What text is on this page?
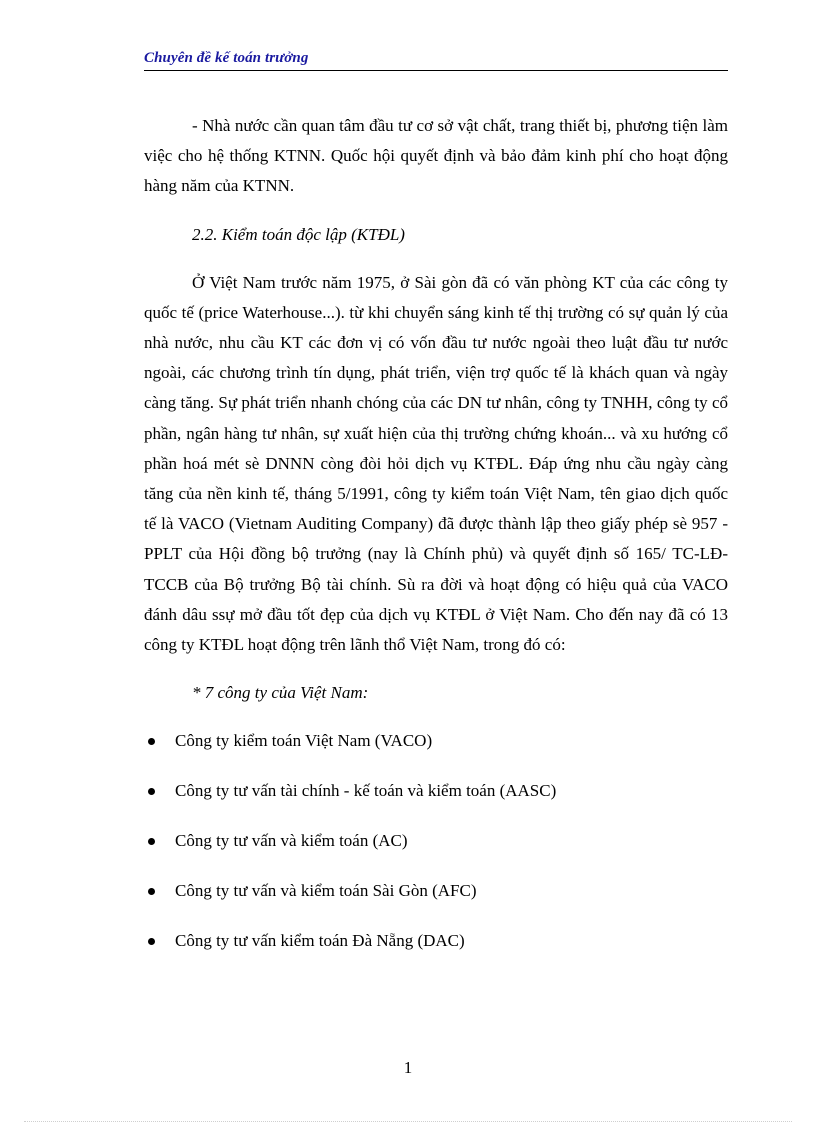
Chuyên đề kế toán trưởng

- Nhà nước cần quan tâm đầu tư cơ sở vật chất, trang thiết bị, phương tiện làm việc cho hệ thống KTNN. Quốc hội quyết định và bảo đảm kinh phí cho hoạt động hàng năm của KTNN.

2.2. Kiểm toán độc lập (KTĐL)

Ở Việt Nam trước năm 1975, ở Sài gòn đã có văn phòng KT của các công ty quốc tế (price Waterhouse...). từ khi chuyển sáng kinh tế thị trường có sự quản lý của nhà nước, nhu cầu KT các đơn vị có vốn đầu tư nước ngoài theo luật đầu tư nước ngoài, các chương trình tín dụng, phát triển, viện trợ quốc tế là khách quan và ngày càng tăng. Sự phát triển nhanh chóng của các DN tư nhân, công ty TNHH, công ty cổ phần, ngân hàng tư nhân, sự xuất hiện của thị trường chứng khoán... và xu hướng cổ phần hoá mét sè DNNN còng đòi hỏi dịch vụ KTĐL. Đáp ứng nhu cầu ngày càng tăng của nền kinh tế, tháng 5/1991, công ty kiểm toán Việt Nam, tên giao dịch quốc tế là VACO (Vietnam Auditing Company) đã được thành lập theo giấy phép sè 957 - PPLT của Hội đồng bộ trưởng (nay là Chính phủ) và quyết định số 165/ TC-LĐ-TCCB của Bộ trưởng Bộ tài chính. Sù ra đời và hoạt động có hiệu quả của VACO đánh dâu ssự mở đầu tốt đẹp của dịch vụ KTĐL ở Việt Nam. Cho đến nay đã có 13 công ty KTĐL hoạt động trên lãnh thổ Việt Nam, trong đó có:

* 7 công ty của Việt Nam:

Công ty kiểm toán Việt Nam (VACO)
Công ty tư vấn tài chính - kế toán và kiểm toán (AASC)
Công ty tư vấn và kiểm toán (AC)
Công ty tư vấn và kiểm toán Sài Gòn (AFC)
Công ty tư vấn kiểm toán Đà Nẵng (DAC)
1
